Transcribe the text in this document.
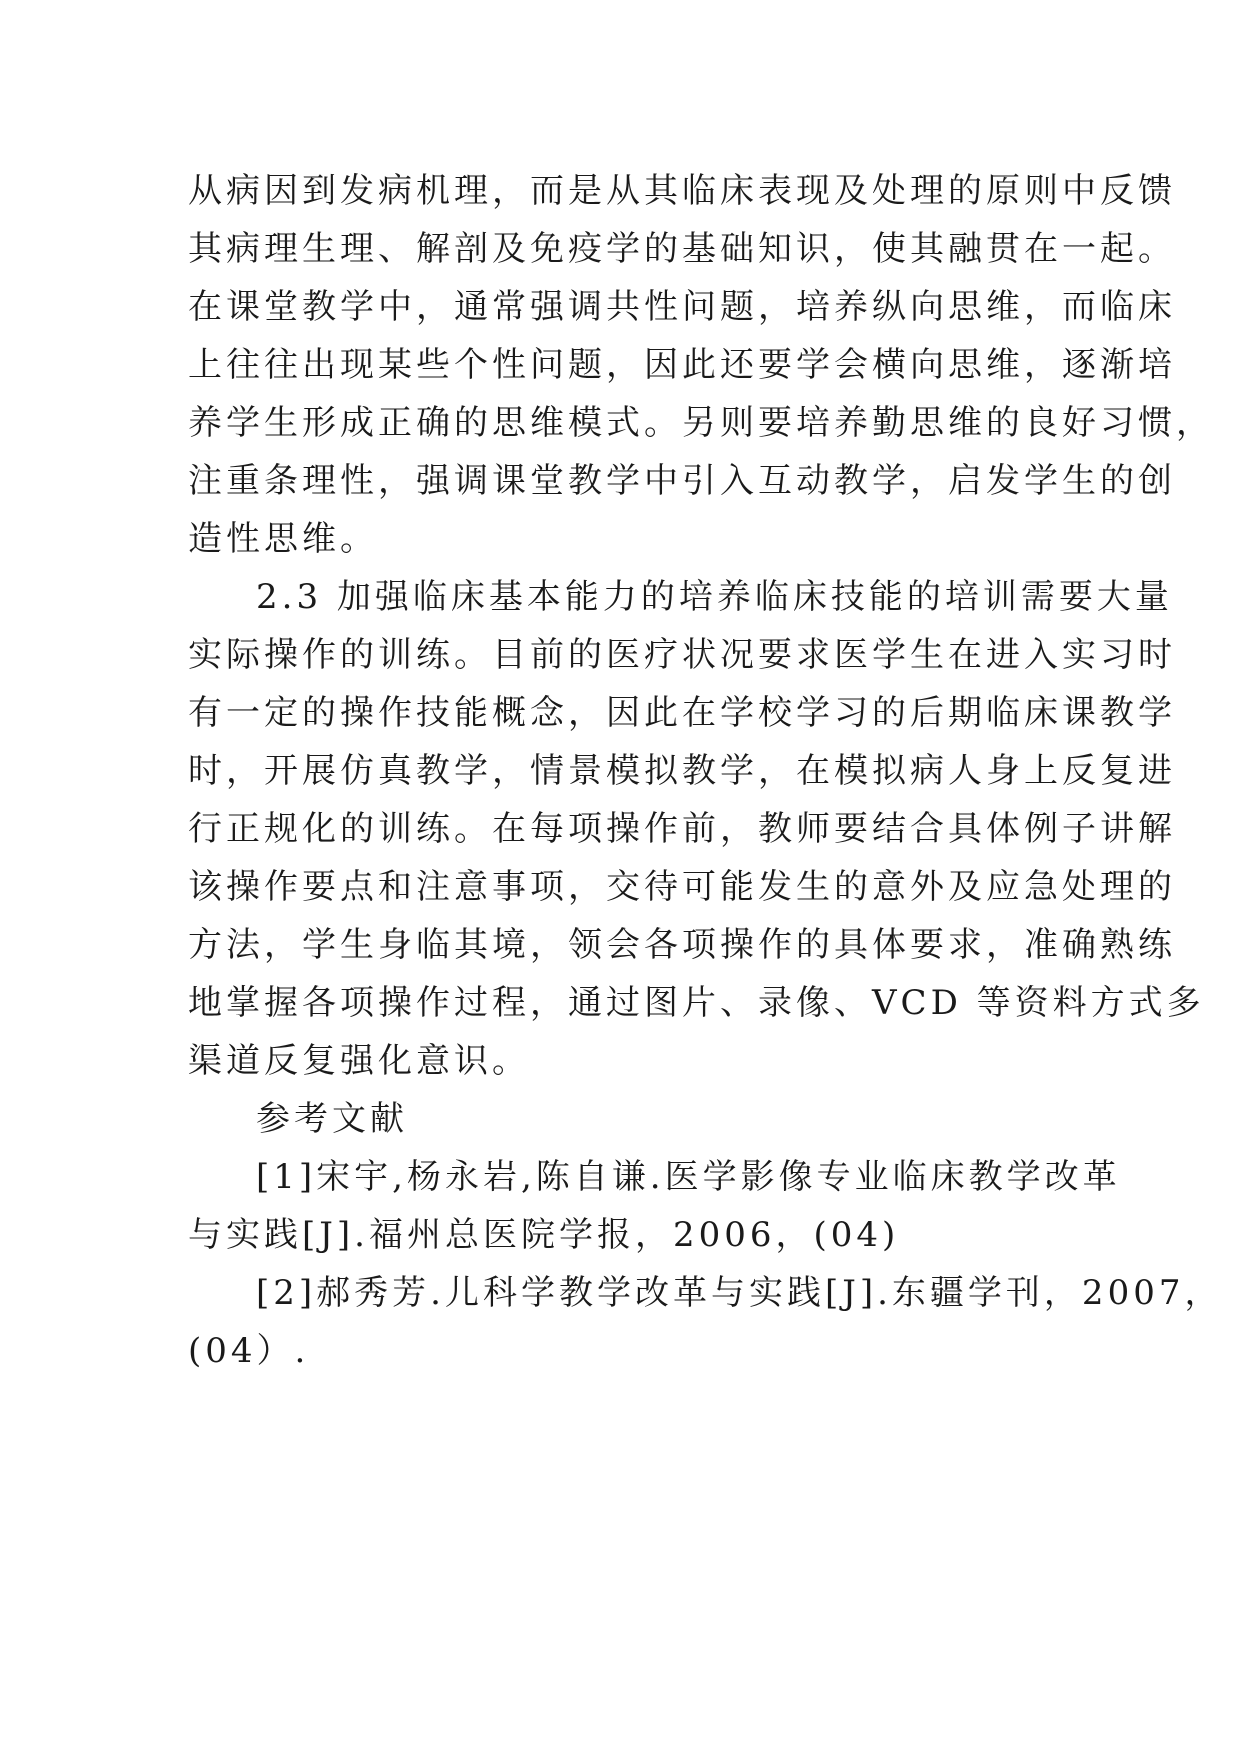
从病因到发病机理，而是从其临床表现及处理的原则中反馈
其病理生理、解剖及免疫学的基础知识，使其融贯在一起。
在课堂教学中，通常强调共性问题，培养纵向思维，而临床
上往往出现某些个性问题，因此还要学会横向思维，逐渐培
养学生形成正确的思维模式。另则要培养勤思维的良好习惯，
注重条理性，强调课堂教学中引入互动教学，启发学生的创
造性思维。
2.3 加强临床基本能力的培养临床技能的培训需要大量
实际操作的训练。目前的医疗状况要求医学生在进入实习时
有一定的操作技能概念，因此在学校学习的后期临床课教学
时，开展仿真教学，情景模拟教学，在模拟病人身上反复进
行正规化的训练。在每项操作前，教师要结合具体例子讲解
该操作要点和注意事项，交待可能发生的意外及应急处理的
方法，学生身临其境，领会各项操作的具体要求，准确熟练
地掌握各项操作过程，通过图片、录像、VCD 等资料方式多
渠道反复强化意识。
参考文献
[1]宋宇,杨永岩,陈自谦.医学影像专业临床教学改革
与实践[J].福州总医院学报，2006，(04)
[2]郝秀芳.儿科学教学改革与实践[J].东疆学刊，2007，
(04）.
